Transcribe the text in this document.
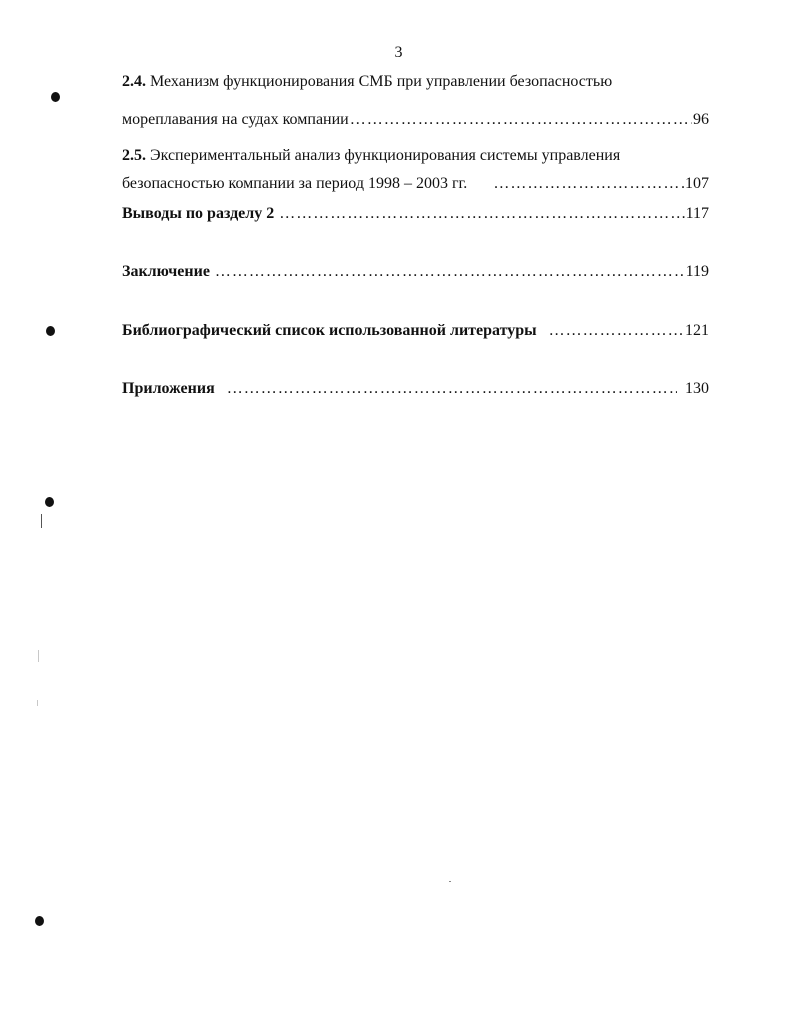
3
2.4. Механизм функционирования СМБ при управлении безопасностью
мореплавания на судах компании ……………………………………………………………………………………………………………………………………………………………………	96
2.5. Экспериментальный анализ функционирования системы управления
безопасностью компании за период 1998 – 2003 гг. ……………………………………………………………………………………………………………………………………………………………………	107
Выводы по разделу 2 ……………………………………………………………………………………………………………………………………………………………………	117
Заключение ……………………………………………………………………………………………………………………………………………………………………	119
Библиографический список использованной литературы ……………………………………………………………………………………………………………………………………………………………………	121
Приложения ……………………………………………………………………………………………………………………………………………………………………	130
